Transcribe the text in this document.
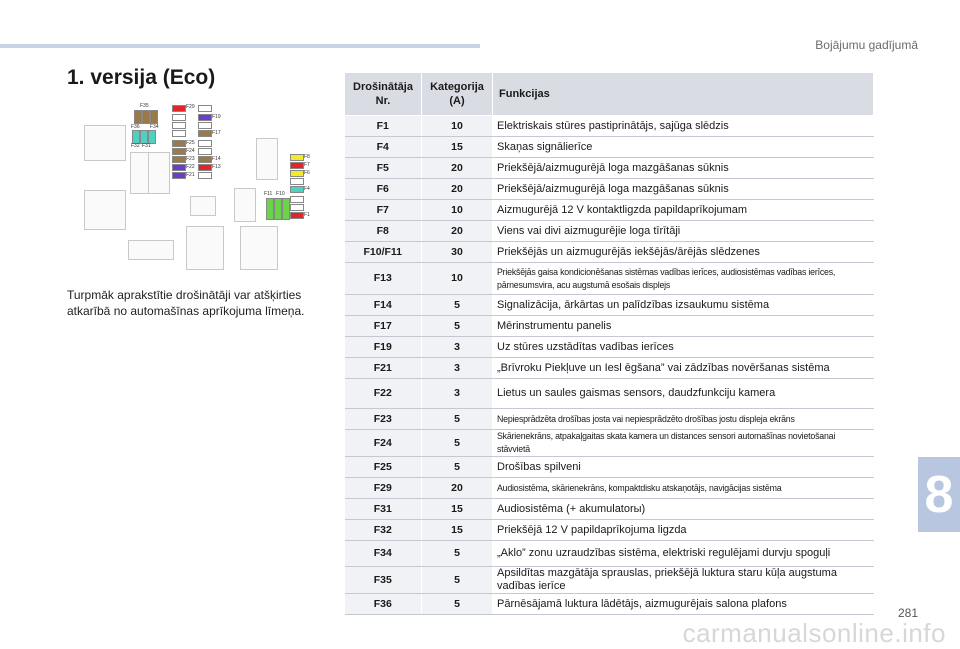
Bojājumu gadījumā
1. versija (Eco)
F35
F36 F34
F32 F31
F29
F19
F17
F25
F24
F23	F14
F22	F13
F21
F8
F7
F6
F4
F1
F11 F10
Turpmāk aprakstītie drošinātāji var atšķirties atkarībā no automašīnas aprīkojuma līmeņa.
Drošinātāja Nr.	Kategorija (A)	Funkcijas
F1	10	Elektriskais stūres pastiprinātājs, sajūga slēdzis
F4	15	Skaņas signālierīce
F5	20	Priekšējā/aizmugurējā loga mazgāšanas sūknis
F6	20	Priekšējā/aizmugurējā loga mazgāšanas sūknis
F7	10	Aizmugurējā 12 V kontaktligzda papildaprīkojumam
F8	20	Viens vai divi aizmugurējie loga tīrītāji
F10/F11	30	Priekšējās un aizmugurējās iekšējās/ārējās slēdzenes
F13	10	Priekšējās gaisa kondicionēšanas sistēmas vadības ierīces, audiosistēmas vadības ierīces, pārnesumsvira, acu augstumā esošais displejs
F14	5	Signalizācija, ārkārtas un palīdzības izsaukumu sistēma
F17	5	Mērinstrumentu panelis
F19	3	Uz stūres uzstādītas vadības ierīces
F21	3	„Brīvroku Piekļuve un Iesl ēgšana” vai zādzības novēršanas sistēma
F22	3	Lietus un saules gaismas sensors, daudzfunkciju kamera
F23	5	Nepiesprādzēta drošības josta vai nepiesprādzēto drošības jostu displeja ekrāns
F24	5	Skārienekrāns, atpakaļgaitas skata kamera un distances sensori automašīnas novietošanai stāvvietā
F25	5	Drošības spilveni
F29	20	Audiosistēma, skārienekrāns, kompaktdisku atskaņotājs, navigācijas sistēma
F31	15	Audiosistēma (+ akumulatorы)
F32	15	Priekšējā 12 V papildaprīkojuma ligzda
F34	5	„Aklo” zonu uzraudzības sistēma, elektriski regulējami durvju spoguļi
F35	5	Apsildītas mazgātāja sprauslas, priekšējā luktura staru kūļa augstuma vadības ierīce
F36	5	Pārnēsājamā luktura lādētājs, aizmugurējais salona plafons
8
281
carmanualsonline.info
